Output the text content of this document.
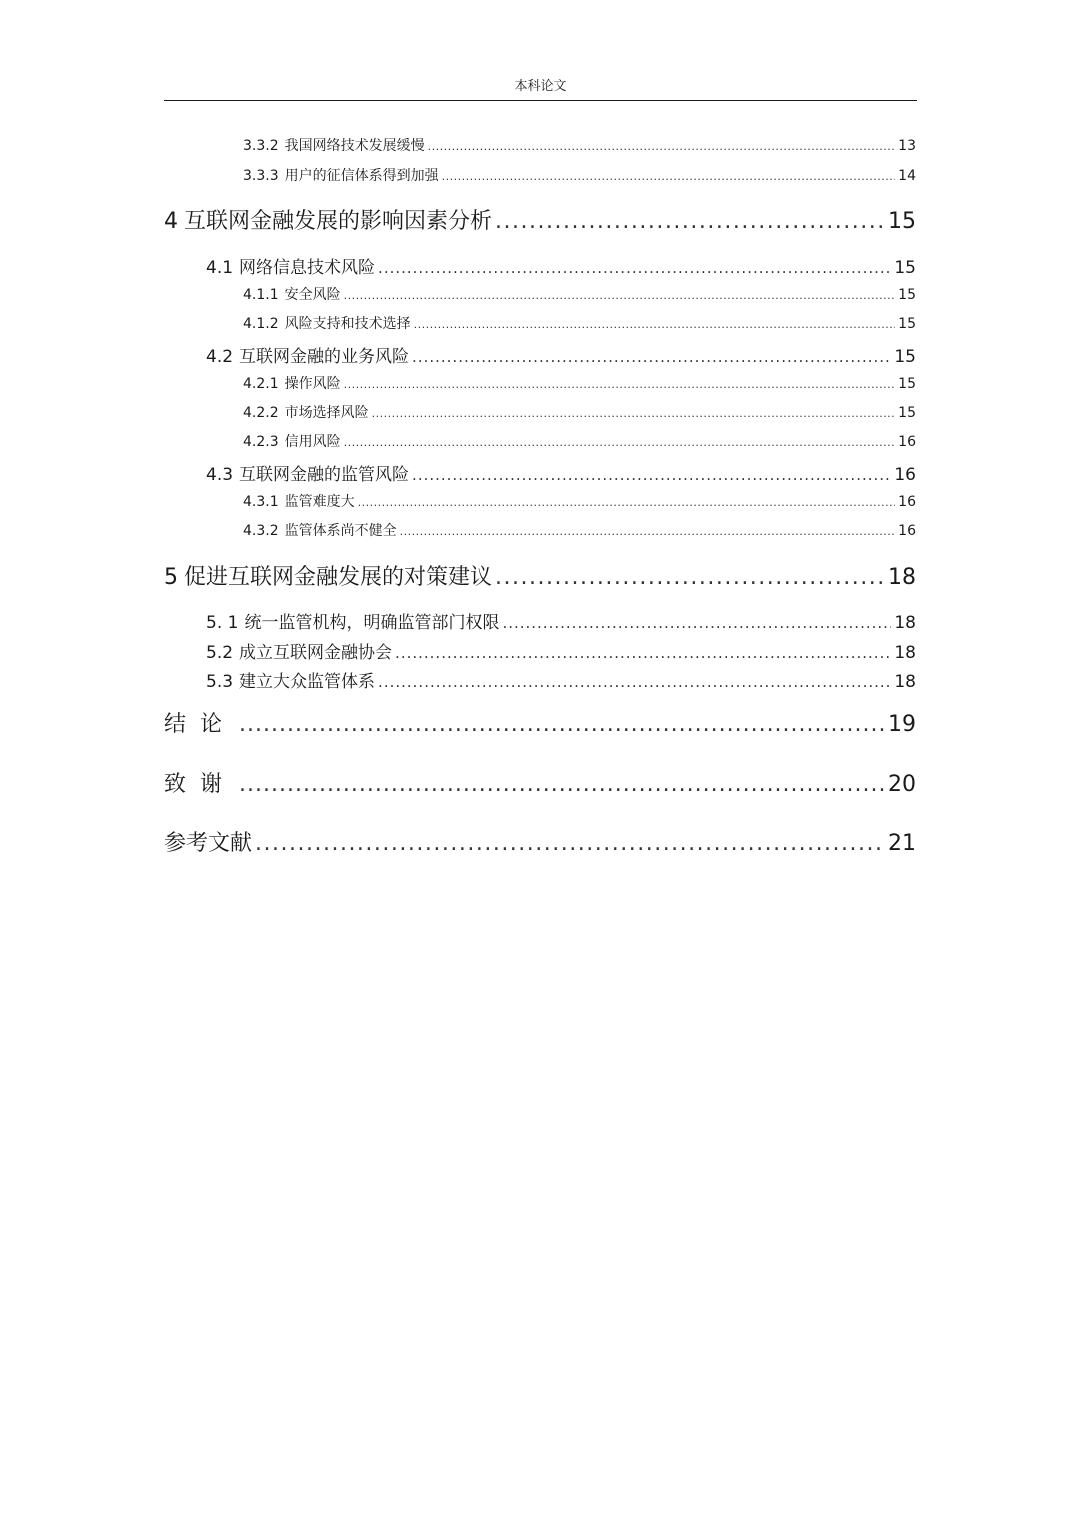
本科论文
3.3.2 我国网络技术发展缓慢 .....	13
3.3.3 用户的征信体系得到加强 .....	14
4 互联网金融发展的影响因素分析 .....	15
4.1 网络信息技术风险 .....	15
4.1.1 安全风险 .....	15
4.1.2 风险支持和技术选择 .....	15
4.2 互联网金融的业务风险 .....	15
4.2.1 操作风险 .....	15
4.2.2 市场选择风险 .....	15
4.2.3 信用风险 .....	16
4.3 互联网金融的监管风险 .....	16
4.3.1 监管难度大 .....	16
4.3.2 监管体系尚不健全 .....	16
5 促进互联网金融发展的对策建议 .....	18
5. 1 统一监管机构，明确监管部门权限 .....	18
5.2 成立互联网金融协会 .....	18
5.3 建立大众监管体系 .....	18
结论 .....	19
致谢 .....	20
参考文献 .....	21
